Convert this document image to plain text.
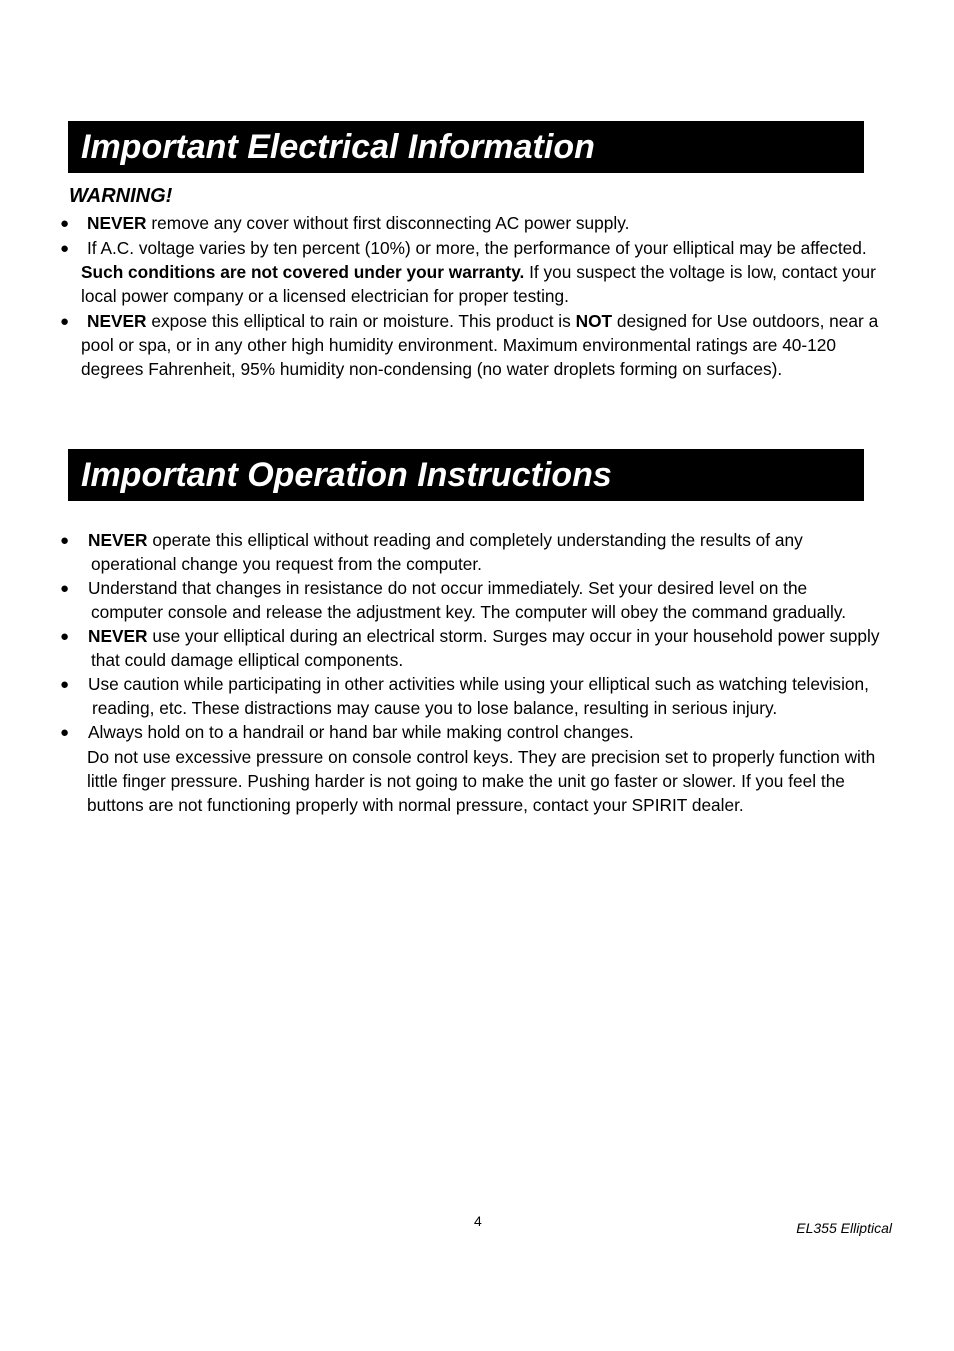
Important Electrical Information

WARNING!

● NEVER remove any cover without first disconnecting AC power supply.
● If A.C. voltage varies by ten percent (10%) or more, the performance of your elliptical may be affected. Such conditions are not covered under your warranty. If you suspect the voltage is low, contact your local power company or a licensed electrician for proper testing.
● NEVER expose this elliptical to rain or moisture. This product is NOT designed for Use outdoors, near a pool or spa, or in any other high humidity environment. Maximum environmental ratings are 40-120 degrees Fahrenheit, 95% humidity non-condensing (no water droplets forming on surfaces).
Important Operation Instructions
● NEVER operate this elliptical without reading and completely understanding the results of any operational change you request from the computer.
● Understand that changes in resistance do not occur immediately. Set your desired level on the computer console and release the adjustment key. The computer will obey the command gradually.
● NEVER use your elliptical during an electrical storm. Surges may occur in your household power supply that could damage elliptical components.
● Use caution while participating in other activities while using your elliptical such as watching television, reading, etc. These distractions may cause you to lose balance, resulting in serious injury.
● Always hold on to a handrail or hand bar while making control changes.
Do not use excessive pressure on console control keys. They are precision set to properly function with little finger pressure. Pushing harder is not going to make the unit go faster or slower. If you feel the buttons are not functioning properly with normal pressure, contact your SPIRIT dealer.
4	EL355 Elliptical
